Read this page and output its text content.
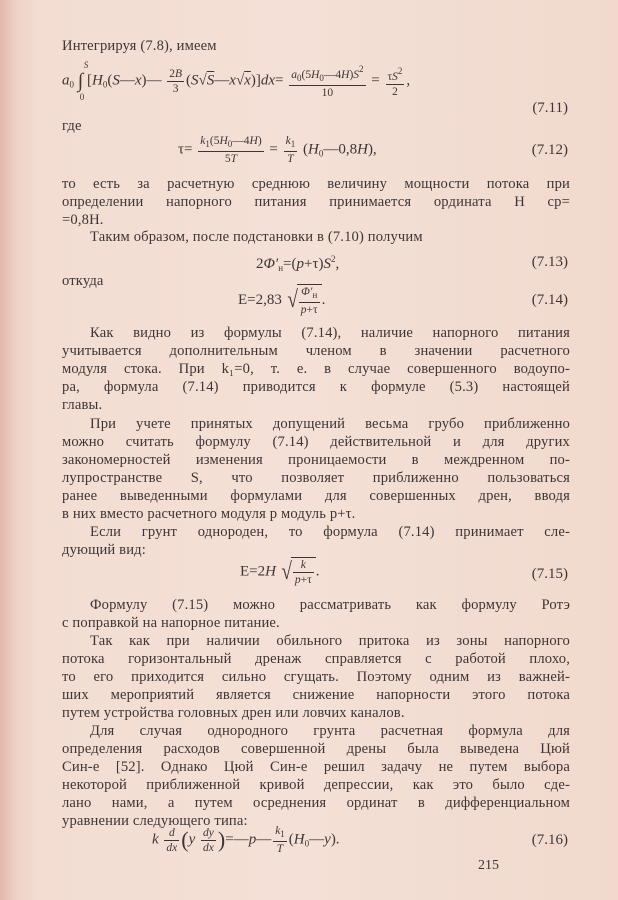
Интегрируя (7.8), имеем
$a_0$ ∫
S
0
[$H_0(S—x)— \frac{2B}{3}$ (S√S—x√x)]dx= $\frac{a_0(5H_0—4H)S^2}{10} = \frac{\tau S^2}{2}$ ,
(7.11)
где
$\tau= \frac{k_1(5H_0—4H)}{5T} = \frac{k_1}{T}$ $(H_0—0,8H)$,	(7.12)
то есть за расчетную среднюю величину мощности потока при
определении напорного питания принимается ордината H cp=
=0,8H.
Таким образом, после подстановки в (7.10) получим
$2\Phi'_н=(p+\tau)S^2$,	(7.13)
откуда
E=2,83 √ $\frac{\Phi'_н}{p+\tau}$ .	(7.14)
Как видно из формулы (7.14), наличие напорного питания
учитывается дополнительным членом в значении расчетного
модуля стока. При k₁=0, т. е. в случае совершенного водоупо-
ра, формула (7.14) приводится к формуле (5.3) настоящей
главы.
При учете принятых допущений весьма грубо приближенно
можно считать формулу (7.14) действительной и для других
закономерностей изменения проницаемости в междренном по-
лупространстве S, что позволяет приближенно пользоваться
ранее выведенными формулами для совершенных дрен, вводя
в них вместо расчетного модуля p модуль p+τ.
Если грунт однороден, то формула (7.14) принимает сле-
дующий вид:
E=2H √ $\frac{k}{p+\tau}$ .	(7.15)
Формулу (7.15) можно рассматривать как формулу Ротэ
с поправкой на напорное питание.
Так как при наличии обильного притока из зоны напорного
потока горизонтальный дренаж справляется с работой плохо,
то его приходится сильно сгущать. Поэтому одним из важней-
ших мероприятий является снижение напорности этого потока
путем устройства головных дрен или ловчих каналов.
Для случая однородного грунта расчетная формула для
определения расходов совершенной дрены была выведена Цюй
Син-е [52]. Однако Цюй Син-е решил задачу не путем выбора
некоторой приближенной кривой депрессии, как это было сде-
лано нами, а путем осреднения ординат в дифференциальном
уравнении следующего типа:
k $\frac{d}{dx} (y \frac{dy}{dx}$ )=—p— $\frac{k_1}{T}$ $(H_0—y)$.	(7.16)
215
